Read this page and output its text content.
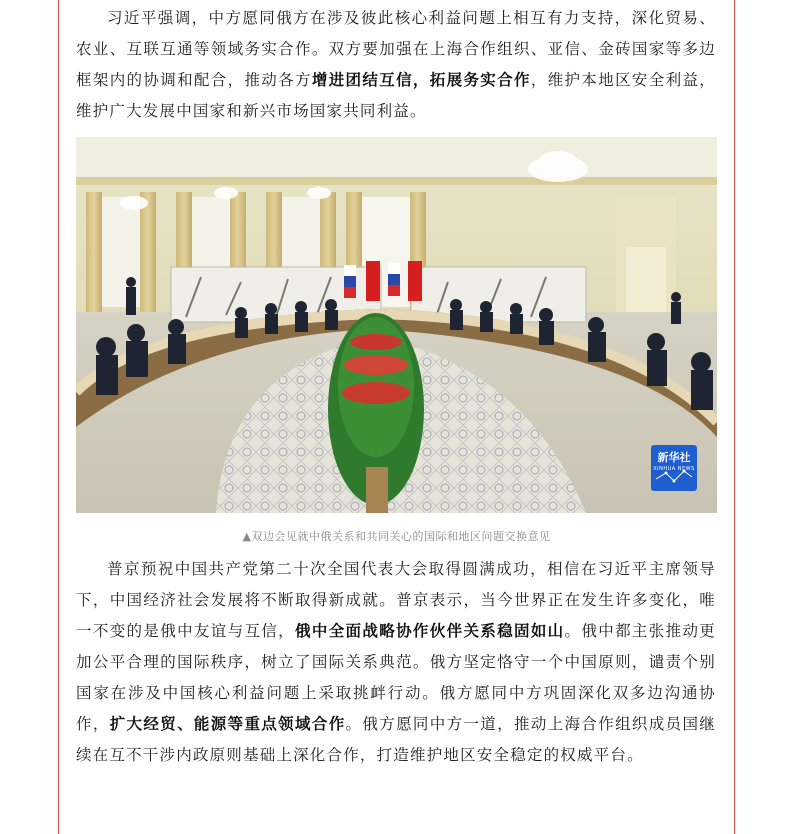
习近平强调，中方愿同俄方在涉及彼此核心利益问题上相互有力支持，深化贸易、农业、互联互通等领域务实合作。双方要加强在上海合作组织、亚信、金砖国家等多边框架内的协调和配合，推动各方增进团结互信，拓展务实合作，维护本地区安全利益，维护广大发展中国家和新兴市场国家共同利益。

新华社
XINHUA NEWS
▲双边会见就中俄关系和共同关心的国际和地区问题交换意见

普京预祝中国共产党第二十次全国代表大会取得圆满成功，相信在习近平主席领导下，中国经济社会发展将不断取得新成就。普京表示，当今世界正在发生许多变化，唯一不变的是俄中友谊与互信，俄中全面战略协作伙伴关系稳固如山。俄中都主张推动更加公平合理的国际秩序，树立了国际关系典范。俄方坚定恪守一个中国原则，谴责个别国家在涉及中国核心利益问题上采取挑衅行动。俄方愿同中方巩固深化双多边沟通协作，扩大经贸、能源等重点领域合作。俄方愿同中方一道，推动上海合作组织成员国继续在互不干涉内政原则基础上深化合作，打造维护地区安全稳定的权威平台。
